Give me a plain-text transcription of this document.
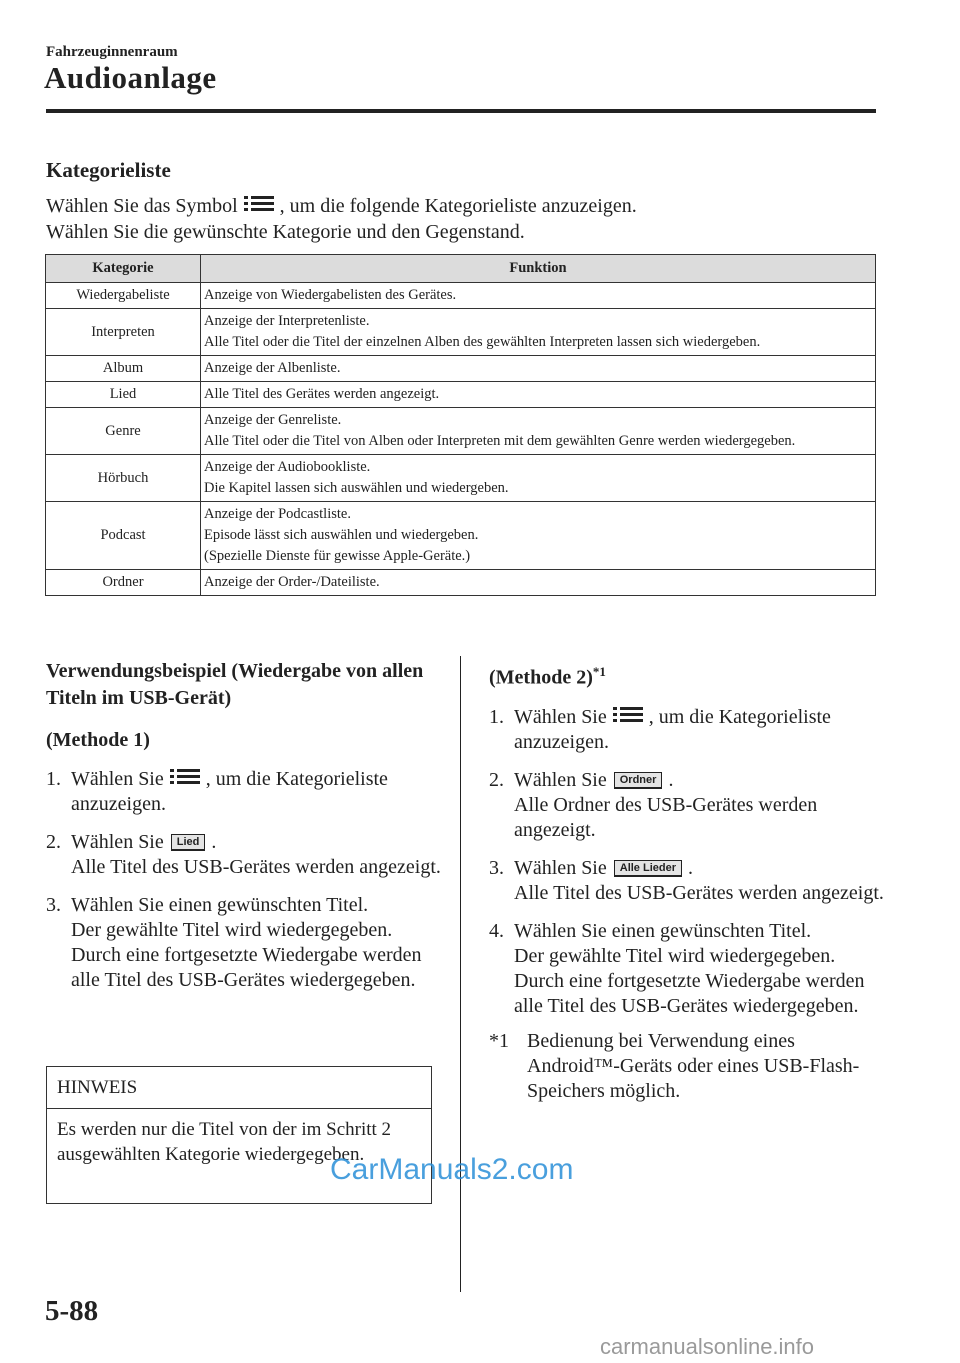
Fahrzeuginnenraum
Audioanlage
Kategorieliste
Wählen Sie das Symbol , um die folgende Kategorieliste anzuzeigen.
Wählen Sie die gewünschte Kategorie und den Gegenstand.
Kategorie	Funktion
Wiedergabeliste	Anzeige von Wiedergabelisten des Gerätes.

Interpreten	Anzeige der Interpretenliste.
Alle Titel oder die Titel der einzelnen Alben des gewählten Interpreten lassen sich wiedergeben.

Album	Anzeige der Albenliste.

Lied	Alle Titel des Gerätes werden angezeigt.

Genre	Anzeige der Genreliste.
Alle Titel oder die Titel von Alben oder Interpreten mit dem gewählten Genre werden wiedergegeben.

Hörbuch	Anzeige der Audiobookliste.
Die Kapitel lassen sich auswählen und wiedergeben.

Podcast	Anzeige der Podcastliste.
Episode lässt sich auswählen und wiedergeben.
(Spezielle Dienste für gewisse Apple-Geräte.)

Ordner	Anzeige der Order-/Dateiliste.
Verwendungsbeispiel (Wiedergabe von allen Titeln im USB-Gerät)
(Methode 1)
1. Wählen Sie , um die Kategorieliste anzuzeigen.
2. Wählen Sie Lied .
Alle Titel des USB-Gerätes werden angezeigt.
3. Wählen Sie einen gewünschten Titel.
Der gewählte Titel wird wiedergegeben. Durch eine fortgesetzte Wiedergabe werden alle Titel des USB-Gerätes wiedergegeben.
HINWEIS
Es werden nur die Titel von der im Schritt 2 ausgewählten Kategorie wiedergegeben.
(Methode 2)$^{*1}$
1. Wählen Sie , um die Kategorieliste anzuzeigen.
2. Wählen Sie Ordner .
Alle Ordner des USB-Gerätes werden angezeigt.
3. Wählen Sie Alle Lieder .
Alle Titel des USB-Gerätes werden angezeigt.
4. Wählen Sie einen gewünschten Titel.
Der gewählte Titel wird wiedergegeben. Durch eine fortgesetzte Wiedergabe werden alle Titel des USB-Gerätes wiedergegeben.
*1 Bedienung bei Verwendung eines Android™-Geräts oder eines USB-Flash-Speichers möglich.
5-88
CarManuals2.com
carmanualsonline.info
